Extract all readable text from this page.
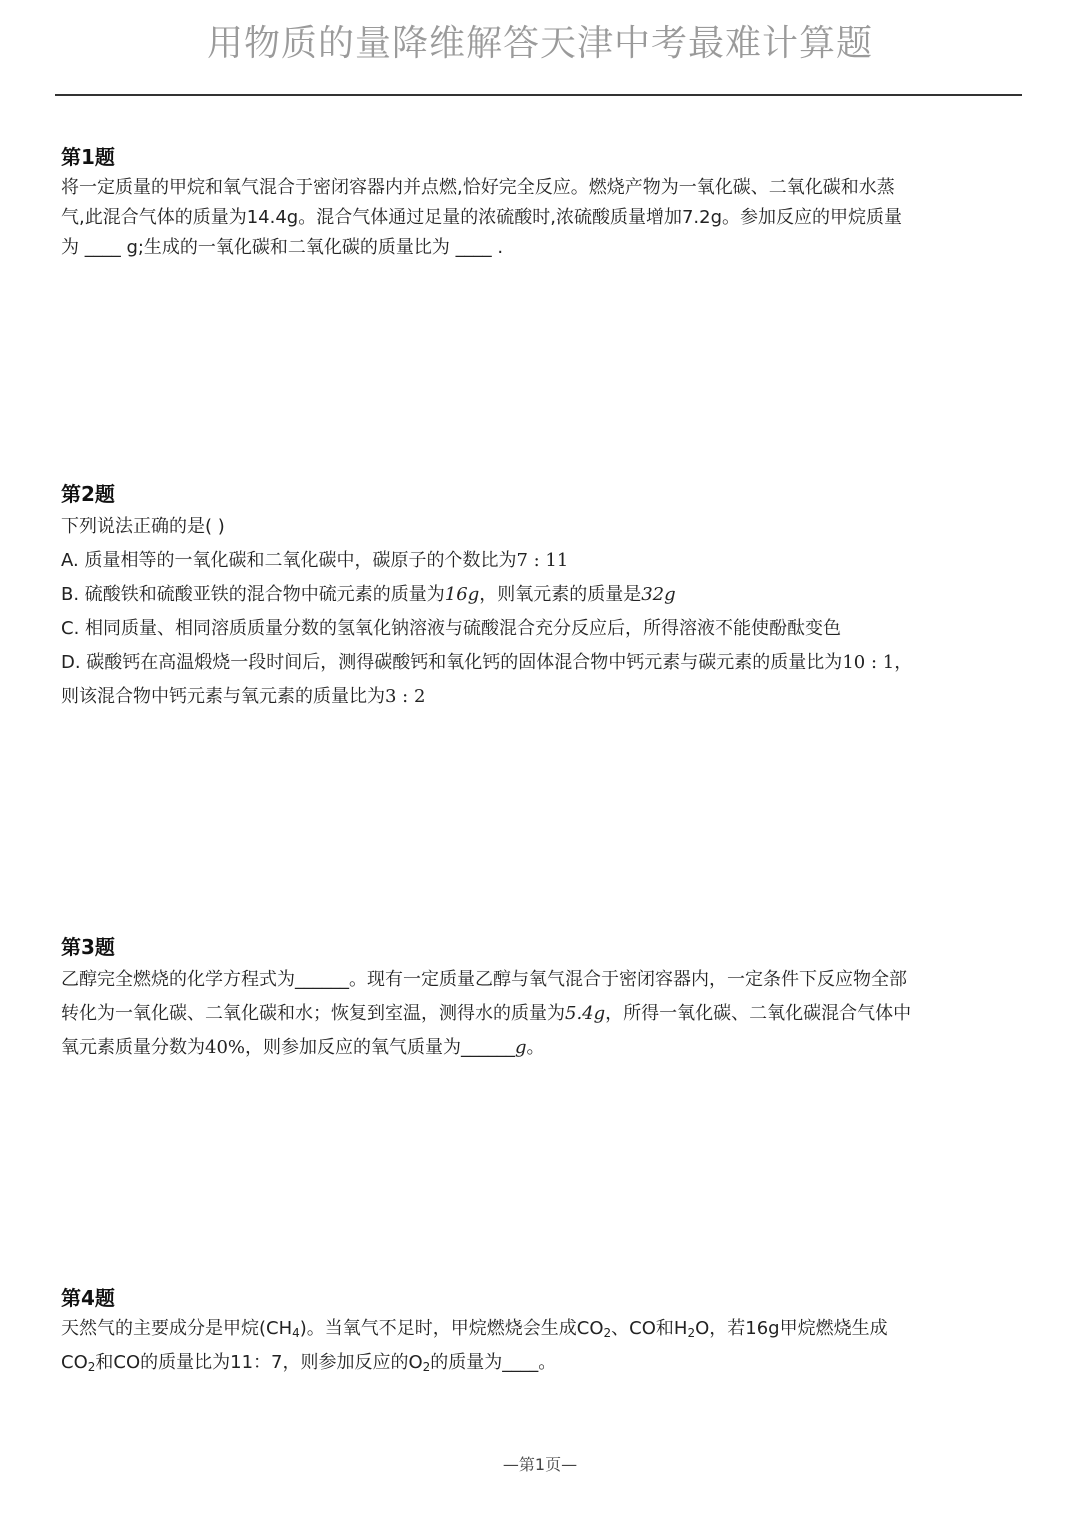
用物质的量降维解答天津中考最难计算题
第1题
将一定质量的甲烷和氧气混合于密闭容器内并点燃,恰好完全反应。燃烧产物为一氧化碳、二氧化碳和水蒸
气,此混合气体的质量为14.4g。混合气体通过足量的浓硫酸时,浓硫酸质量增加7.2g。参加反应的甲烷质量
为 ____ g;生成的一氧化碳和二氧化碳的质量比为 ____ .
第2题
下列说法正确的是( )
A. 质量相等的一氧化碳和二氧化碳中，碳原子的个数比为7 : 11
B. 硫酸铁和硫酸亚铁的混合物中硫元素的质量为16g，则氧元素的质量是32g
C. 相同质量、相同溶质质量分数的氢氧化钠溶液与硫酸混合充分反应后，所得溶液不能使酚酞变色
D. 碳酸钙在高温煅烧一段时间后，测得碳酸钙和氧化钙的固体混合物中钙元素与碳元素的质量比为10 : 1，
则该混合物中钙元素与氧元素的质量比为3 : 2
第3题
乙醇完全燃烧的化学方程式为______。现有一定质量乙醇与氧气混合于密闭容器内，一定条件下反应物全部
转化为一氧化碳、二氧化碳和水；恢复到室温，测得水的质量为5.4g，所得一氧化碳、二氧化碳混合气体中
氧元素质量分数为40%，则参加反应的氧气质量为______g。
第4题
天然气的主要成分是甲烷$(CH_4)$。当氧气不足时，甲烷燃烧会生成$CO_2$、CO和$H_2O$，若16g甲烷燃烧生成
$CO_2$和CO的质量比为11：7，则参加反应的$O_2$的质量为____。
—第1页—
